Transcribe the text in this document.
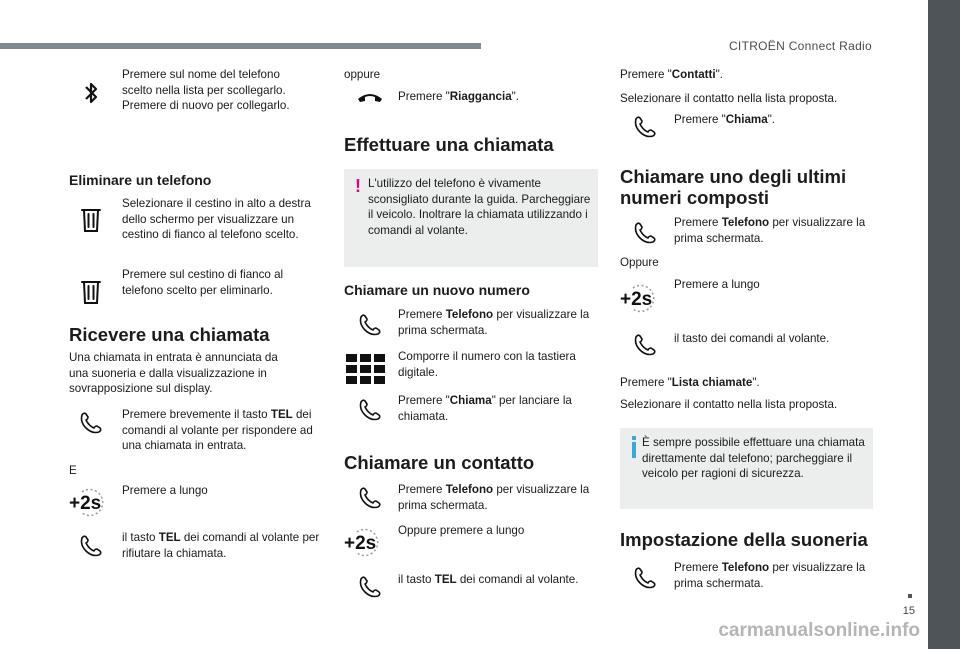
CITROËN Connect Radio
15
carmanualsonline.info
Premere sul nome del telefono scelto nella lista per scollegarlo. Premere di nuovo per collegarlo.
Eliminare un telefono
Selezionare il cestino in alto a destra dello schermo per visualizzare un cestino di fianco al telefono scelto.
Premere sul cestino di fianco al telefono scelto per eliminarlo.
Ricevere una chiamata
Una chiamata in entrata è annunciata da una suoneria e dalla visualizzazione in sovrapposizione sul display.
Premere brevemente il tasto TEL dei comandi al volante per rispondere ad una chiamata in entrata.
E
+2s
Premere a lungo
il tasto TEL dei comandi al volante per rifiutare la chiamata.
oppure
Premere "Riaggancia".
Effettuare una chiamata
! L'utilizzo del telefono è vivamente sconsigliato durante la guida. Parcheggiare il veicolo. Inoltrare la chiamata utilizzando i comandi al volante.
Chiamare un nuovo numero
Premere Telefono per visualizzare la prima schermata.
Comporre il numero con la tastiera digitale.
Premere "Chiama" per lanciare la chiamata.
Chiamare un contatto
Premere Telefono per visualizzare la prima schermata.
+2s
Oppure premere a lungo
il tasto TEL dei comandi al volante.
Premere "Contatti".
Selezionare il contatto nella lista proposta.
Premere "Chiama".
Chiamare uno degli ultimi
numeri composti
Premere Telefono per visualizzare la prima schermata.
Oppure
+2s
Premere a lungo
il tasto dei comandi al volante.
Premere "Lista chiamate".
Selezionare il contatto nella lista proposta.
È sempre possibile effettuare una chiamata direttamente dal telefono; parcheggiare il veicolo per ragioni di sicurezza.
Impostazione della suoneria
Premere Telefono per visualizzare la prima schermata.
